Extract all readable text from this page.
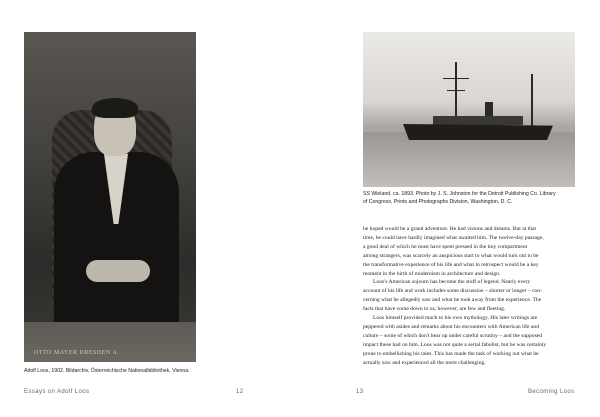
OTTO MAYER DRESDEN A.
Adolf Loos, 1902. Bildarchiv, Österreichische Nationalbibliothek, Vienna.
Essays on Adolf Loos	12
SS Wieland, ca. 1893. Photo by J. S. Johnston for the Detroit Publishing Co. Library
of Congress, Prints and Photographs Division, Washington, D. C.
he hoped would be a grand adventure. He had visions and dreams. But at that
time, he could have hardly imagined what awaited him. The twelve-day passage,
a good deal of which he must have spent pressed in the tiny compartment
among strangers, was scarcely an auspicious start to what would turn out to be
the transformative experience of his life and what in retrospect would be a key
moment in the birth of modernism in architecture and design.
Loos's American sojourn has become the stuff of legend. Nearly every
account of his life and work includes some discussion – shorter or longer – con-
cerning what he allegedly saw and what he took away from the experience. The
facts that have come down to us, however, are few and fleeting.
Loos himself provided much to his own mythology. His later writings are
peppered with asides and remarks about his encounters with American life and
culture – some of which don't hear up under careful scrutiny – and the supposed
impact these had on him. Loos was not quite a serial fabulist, but he was certainly
prone to embellishing his tales. This has made the task of working out what he
actually saw and experienced all the more challenging.
13	Becoming Loos
